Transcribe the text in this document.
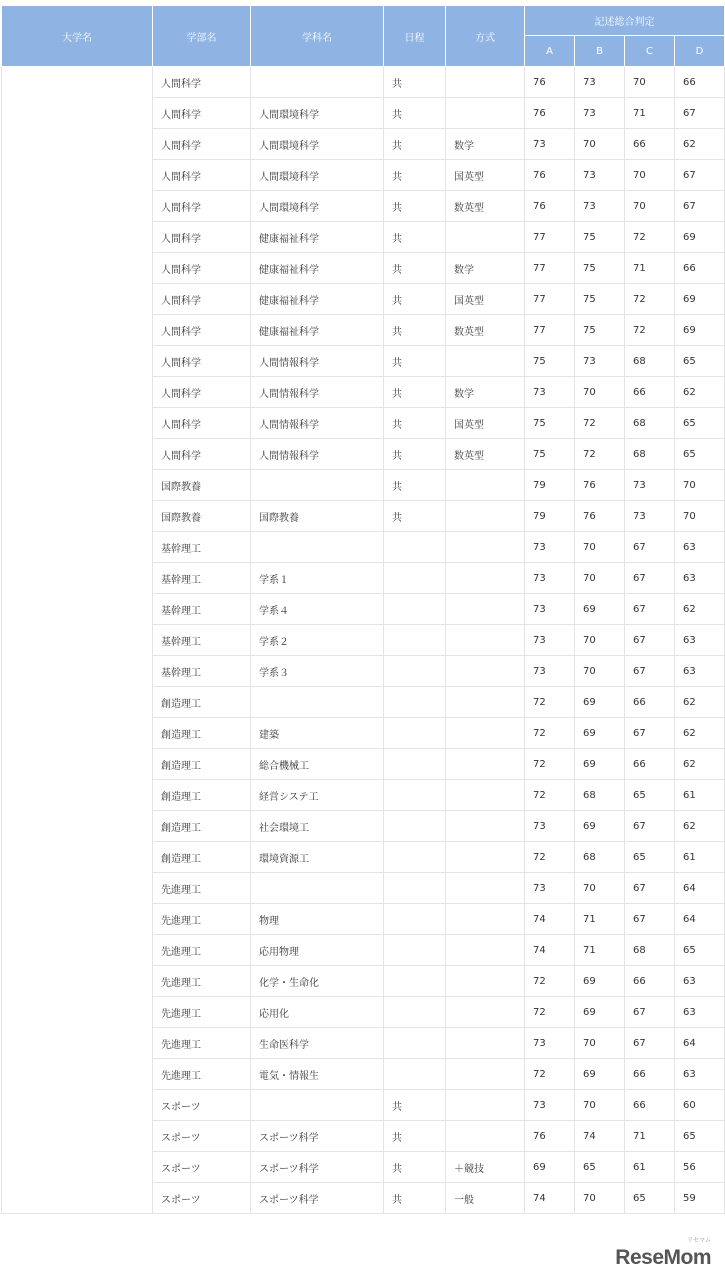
大学名	学部名	学科名	日程	方式	記述総合判定			
					A	B	C	D
	人間科学		共		76	73	70	66
	人間科学	人間環境科学	共		76	73	71	67
	人間科学	人間環境科学	共	数学	73	70	66	62
	人間科学	人間環境科学	共	国英型	76	73	70	67
	人間科学	人間環境科学	共	数英型	76	73	70	67
	人間科学	健康福祉科学	共		77	75	72	69
	人間科学	健康福祉科学	共	数学	77	75	71	66
	人間科学	健康福祉科学	共	国英型	77	75	72	69
	人間科学	健康福祉科学	共	数英型	77	75	72	69
	人間科学	人間情報科学	共		75	73	68	65
	人間科学	人間情報科学	共	数学	73	70	66	62
	人間科学	人間情報科学	共	国英型	75	72	68	65
	人間科学	人間情報科学	共	数英型	75	72	68	65
	国際教養		共		79	76	73	70
	国際教養	国際教養	共		79	76	73	70
	基幹理工				73	70	67	63
	基幹理工	学系１			73	70	67	63
	基幹理工	学系４			73	69	67	62
	基幹理工	学系２			73	70	67	63
	基幹理工	学系３			73	70	67	63
	創造理工				72	69	66	62
	創造理工	建築			72	69	67	62
	創造理工	総合機械工			72	69	66	62
	創造理工	経営システ工			72	68	65	61
	創造理工	社会環境工			73	69	67	62
	創造理工	環境資源工			72	68	65	61
	先進理工				73	70	67	64
	先進理工	物理			74	71	67	64
	先進理工	応用物理			74	71	68	65
	先進理工	化学・生命化			72	69	66	63
	先進理工	応用化			72	69	67	63
	先進理工	生命医科学			73	70	67	64
	先進理工	電気・情報生			72	69	66	63
	スポーツ		共		73	70	66	60
	スポーツ	スポーツ科学	共		76	74	71	65
	スポーツ	スポーツ科学	共	＋競技	69	65	61	56
	スポーツ	スポーツ科学	共	一般	74	70	65	59
リセマム
ReseMom
